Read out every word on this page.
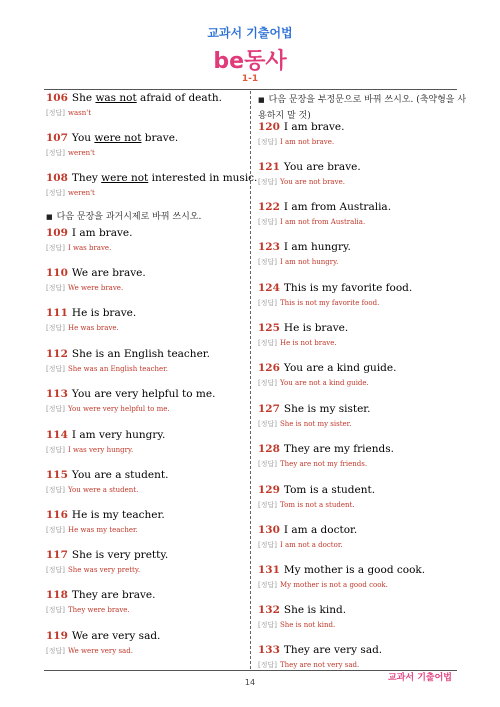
교과서 기출어법
be동사
1-1
106 She was not afraid of death.
[정답] wasn't
107 You were not brave.
[정답] weren't
108 They were not interested in music.
[정답] weren't
■ 다음 문장을 과거시제로 바꿔 쓰시오.
109 I am brave.
[정답] I was brave.
110 We are brave.
[정답] We were brave.
111 He is brave.
[정답] He was brave.
112 She is an English teacher.
[정답] She was an English teacher.
113 You are very helpful to me.
[정답] You were very helpful to me.
114 I am very hungry.
[정답] I was very hungry.
115 You are a student.
[정답] You were a student.
116 He is my teacher.
[정답] He was my teacher.
117 She is very pretty.
[정답] She was very pretty.
118 They are brave.
[정답] They were brave.
119 We are very sad.
[정답] We were very sad.
■ 다음 문장을 부정문으로 바꿔 쓰시오. (축약형을 사
용하지 말 것)
120 I am brave.
[정답] I am not brave.
121 You are brave.
[정답] You are not brave.
122 I am from Australia.
[정답] I am not from Australia.
123 I am hungry.
[정답] I am not hungry.
124 This is my favorite food.
[정답] This is not my favorite food.
125 He is brave.
[정답] He is not brave.
126 You are a kind guide.
[정답] You are not a kind guide.
127 She is my sister.
[정답] She is not my sister.
128 They are my friends.
[정답] They are not my friends.
129 Tom is a student.
[정답] Tom is not a student.
130 I am a doctor.
[정답] I am not a doctor.
131 My mother is a good cook.
[정답] My mother is not a good cook.
132 She is kind.
[정답] She is not kind.
133 They are very sad.
[정답] They are not very sad.
교과서 기출어법
14
